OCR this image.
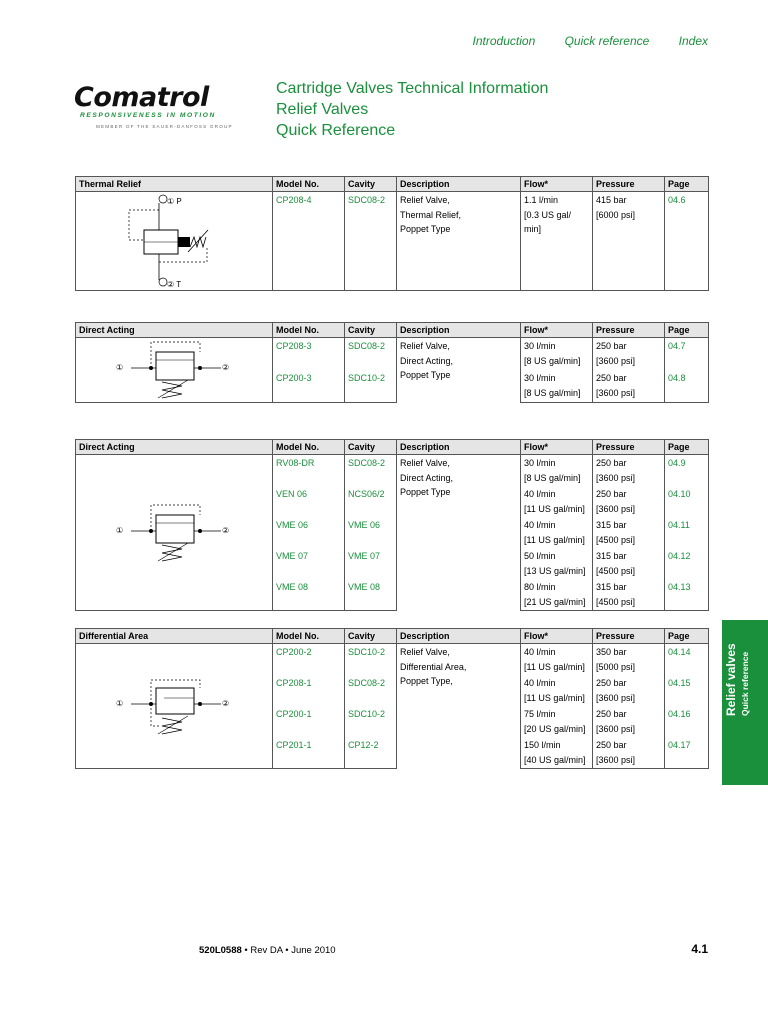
Introduction Quick reference Index
Comatrol
RESPONSIVENESS IN MOTION
MEMBER OF THE SAUER-DANFOSS GROUP
Cartridge Valves Technical Information
Relief Valves
Quick Reference
Thermal Relief	Model No.	Cavity	Description	Flow*	Pressure	Page

① P
② T	CP208-4	SDC08-2	Relief Valve,
Thermal Relief,
Poppet Type	1.1 l/min
[0.3 US gal/
min]	415 bar
[6000 psi]	04.6
Direct Acting	Model No.	Cavity	Description	Flow*	Pressure	Page

① ②	CP208-3	SDC08-2	Relief Valve,
Direct Acting,
Poppet Type	30 l/min
[8 US gal/min]	250 bar
[3600 psi]	04.7
	CP200-3	SDC10-2		30 l/min
[8 US gal/min]	250 bar
[3600 psi]	04.8
Direct Acting	Model No.	Cavity	Description	Flow*	Pressure	Page

① ②	RV08-DR	SDC08-2	Relief Valve,
Direct Acting,
Poppet Type	30 l/min
[8 US gal/min]	250 bar
[3600 psi]	04.9
	VEN 06	NCS06/2		40 l/min
[11 US gal/min]	250 bar
[3600 psi]	04.10
	VME 06	VME 06		40 l/min
[11 US gal/min]	315 bar
[4500 psi]	04.11
	VME 07	VME 07		50 l/min
[13 US gal/min]	315 bar
[4500 psi]	04.12
	VME 08	VME 08		80 l/min
[21 US gal/min]	315 bar
[4500 psi]	04.13
Differential Area	Model No.	Cavity	Description	Flow*	Pressure	Page

① ②	CP200-2	SDC10-2	Relief Valve,
Differential Area,
Poppet Type,	40 l/min
[11 US gal/min]	350 bar
[5000 psi]	04.14
	CP208-1	SDC08-2		40 l/min
[11 US gal/min]	250 bar
[3600 psi]	04.15
	CP200-1	SDC10-2		75 l/min
[20 US gal/min]	250 bar
[3600 psi]	04.16
	CP201-1	CP12-2		150 l/min
[40 US gal/min]	250 bar
[3600 psi]	04.17
Relief valves Quick reference
520L0588 • Rev DA • June 2010	4.1
